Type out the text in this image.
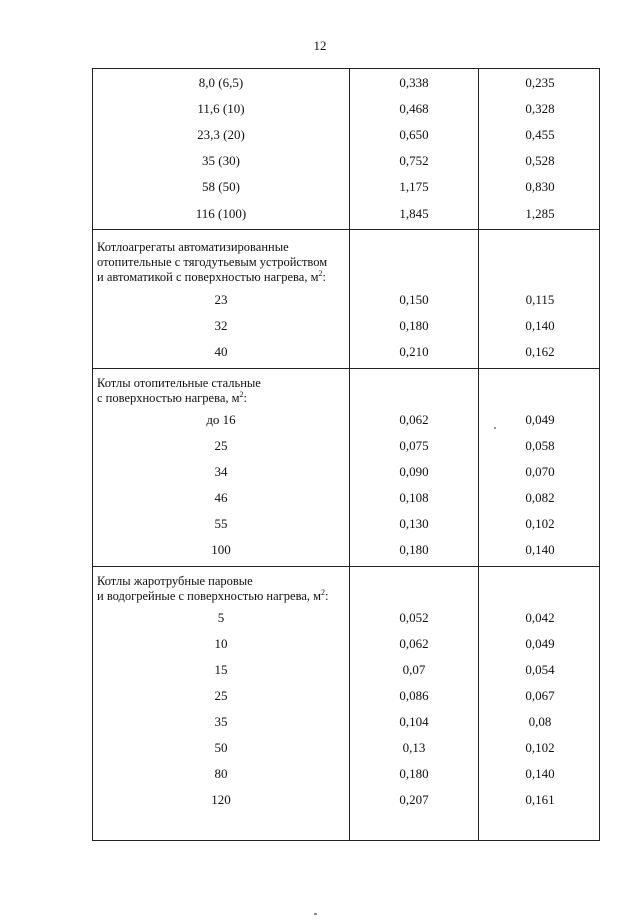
12
8,0 (6,5)	0,338	0,235
11,6 (10)	0,468	0,328
23,3 (20)	0,650	0,455
35 (30)	0,752	0,528
58 (50)	1,175	0,830
116 (100)	1,845	1,285
Котлоагрегаты автоматизированные
отопительные с тягодутьевым устройством
и автоматикой с поверхностью нагрева, $м^2$:
23	0,150	0,115
32	0,180	0,140
40	0,210	0,162
Котлы отопительные стальные
с поверхностью нагрева, $м^2$:
до 16	0,062	0,049
25	0,075	0,058
34	0,090	0,070
46	0,108	0,082
55	0,130	0,102
100	0,180	0,140
Котлы жаротрубные паровые
и водогрейные с поверхностью нагрева, $м^2$:
5	0,052	0,042
10	0,062	0,049
15	0,07	0,054
25	0,086	0,067
35	0,104	0,08
50	0,13	0,102
80	0,180	0,140
120	0,207	0,161
